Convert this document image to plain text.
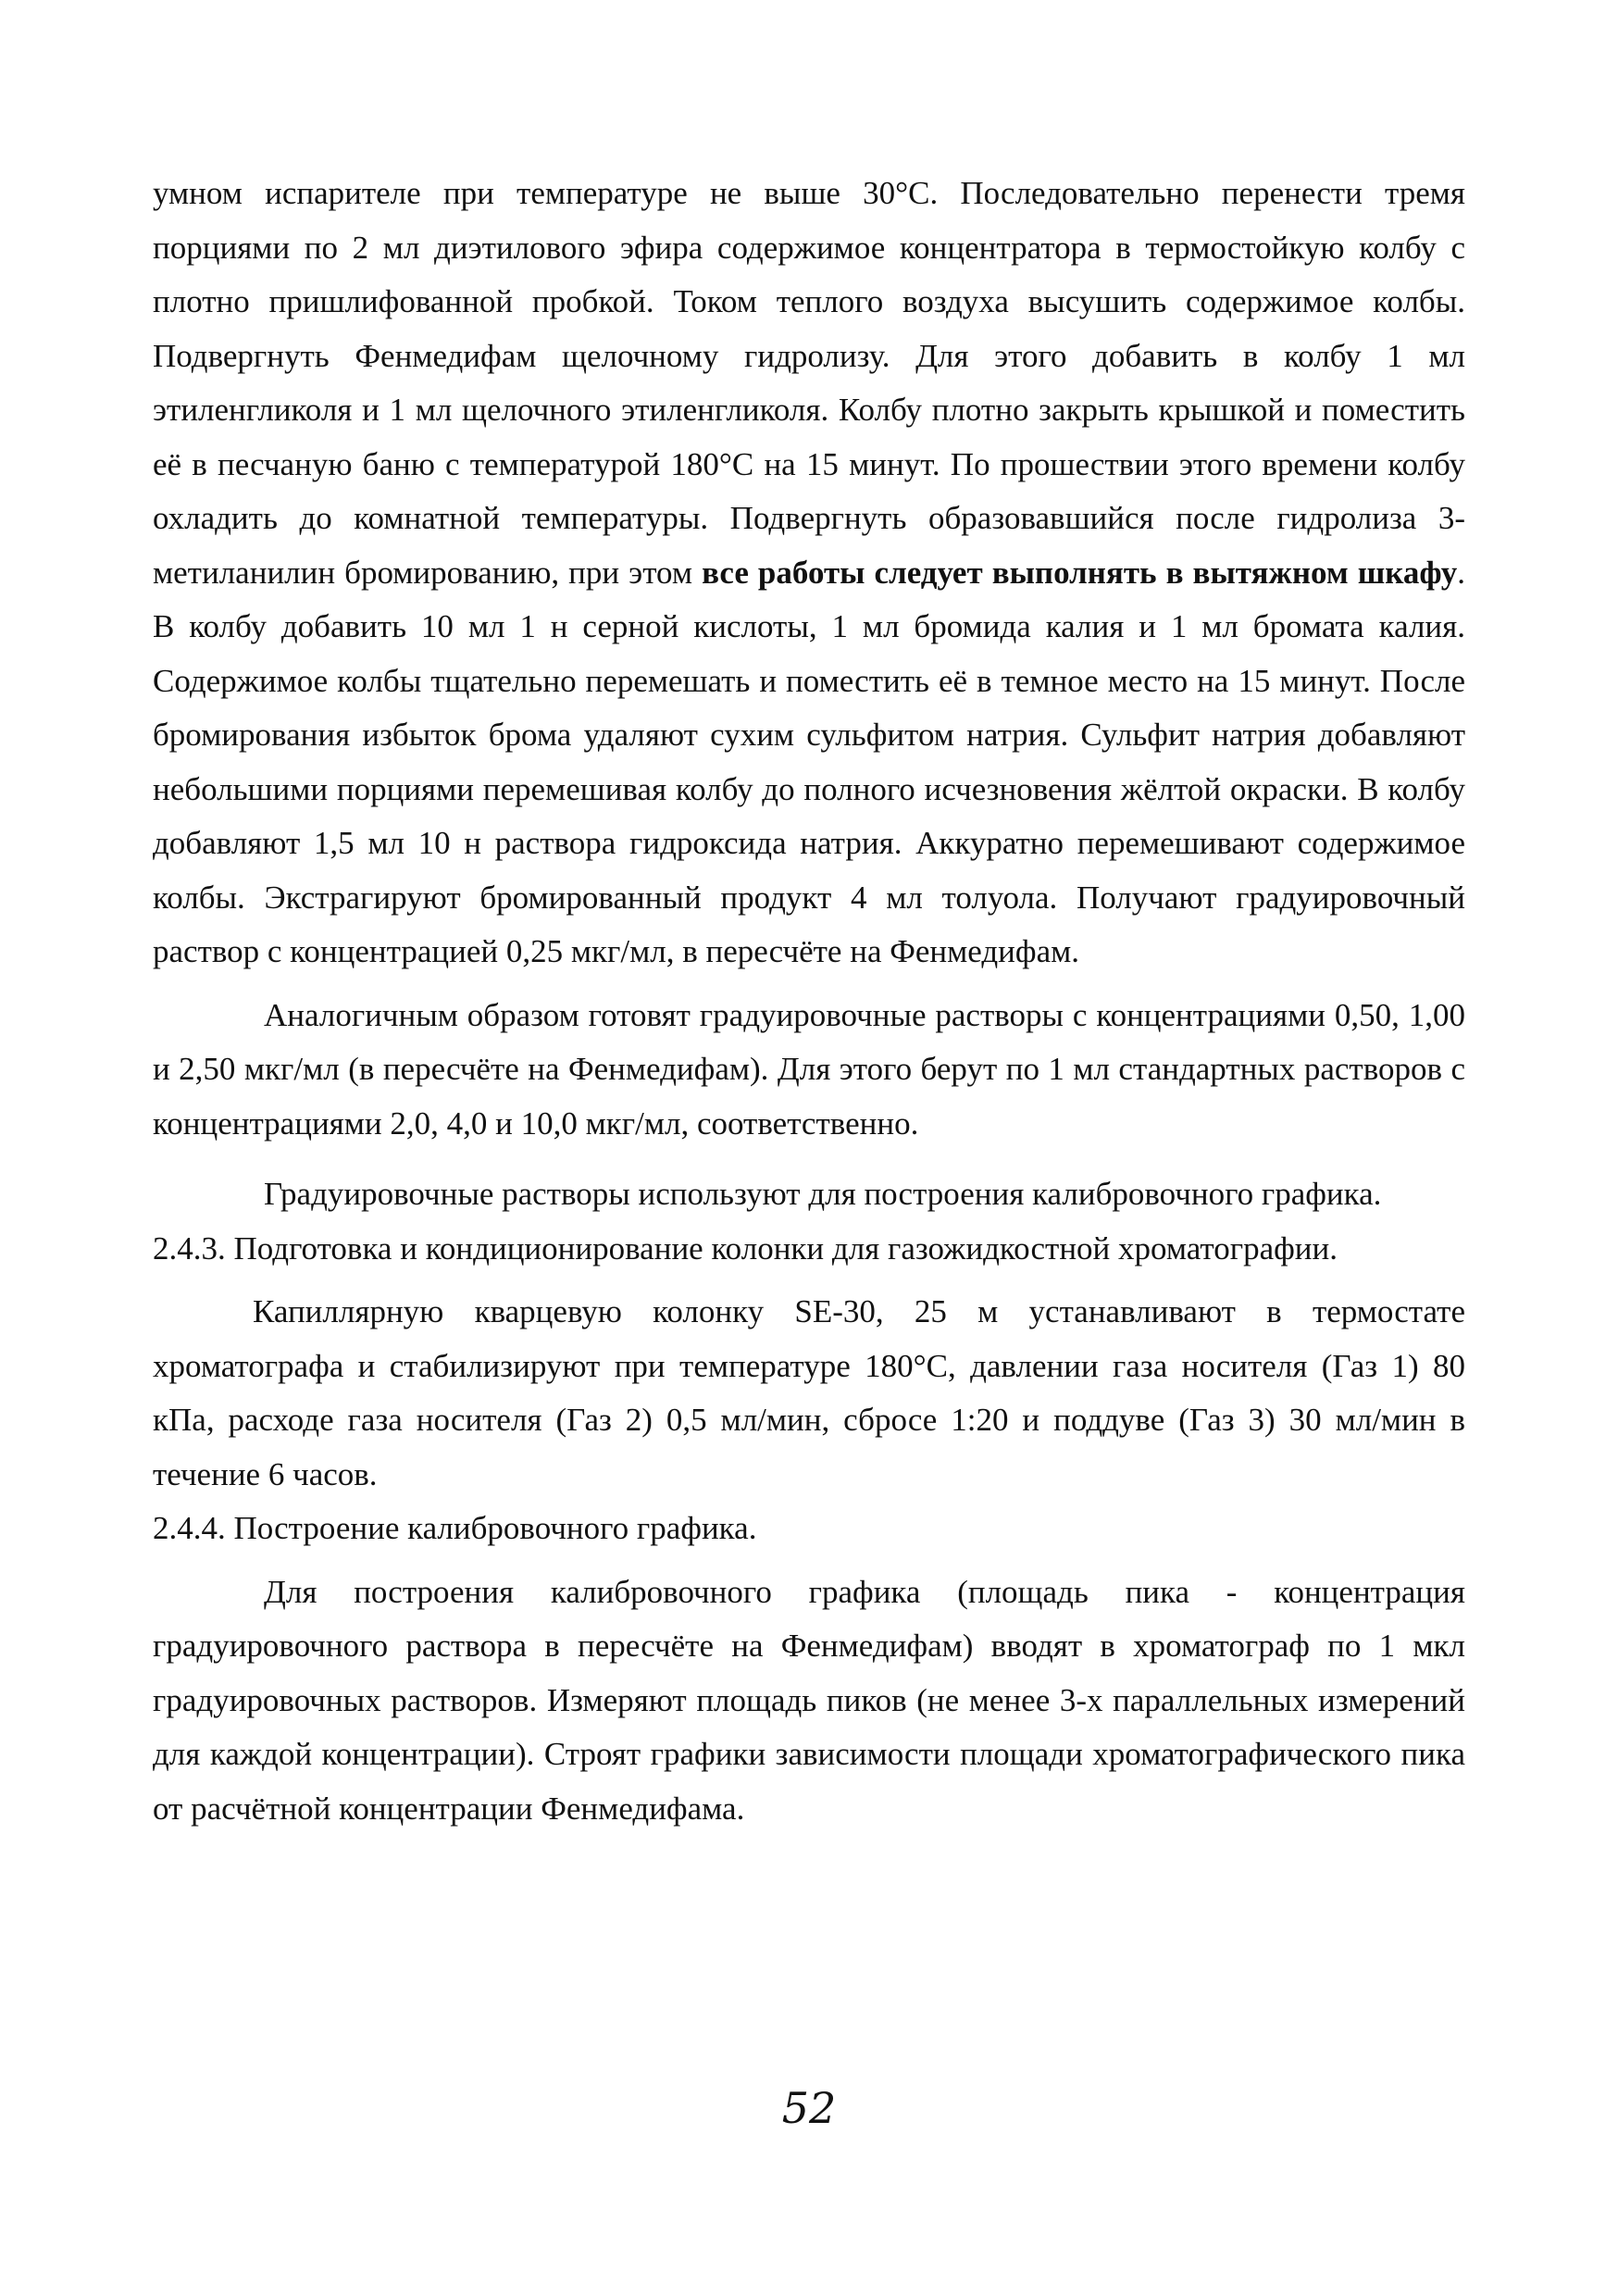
умном испарителе при температуре не выше 30°С. Последовательно перенести тремя порциями по 2 мл диэтилового эфира содержимое концентратора в термостойкую колбу с плотно пришлифованной пробкой. Током теплого воздуха высушить содержимое колбы. Подвергнуть Фенмедифам щелочному гидролизу. Для этого добавить в колбу 1 мл этиленгликоля и 1 мл щелочного этиленгликоля. Колбу плотно закрыть крышкой и поместить её в песчаную баню с температурой 180°С на 15 минут. По прошествии этого времени колбу охладить до комнатной температуры. Подвергнуть образовавшийся после гидролиза 3-метиланилин бромированию, при этом все работы следует выполнять в вытяжном шкафу. В колбу добавить 10 мл 1 н серной кислоты, 1 мл бромида калия и 1 мл бромата калия. Содержимое колбы тщательно перемешать и поместить её в темное место на 15 минут. После бромирования избыток брома удаляют сухим сульфитом натрия. Сульфит натрия добавляют небольшими порциями перемешивая колбу до полного исчезновения жёлтой окраски. В колбу добавляют 1,5 мл 10 н раствора гидроксида натрия. Аккуратно перемешивают содержимое колбы. Экстрагируют бромированный продукт 4 мл толуола. Получают градуировочный раствор с концентрацией 0,25 мкг/мл, в пересчёте на Фенмедифам.

Аналогичным образом готовят градуировочные растворы с концентрациями 0,50, 1,00 и 2,50 мкг/мл (в пересчёте на Фенмедифам). Для этого берут по 1 мл стандартных растворов с концентрациями 2,0, 4,0 и 10,0 мкг/мл, соответственно.

Градуировочные растворы используют для построения калибровочного графика.

2.4.3. Подготовка и кондиционирование колонки для газожидкостной хроматографии.

Капиллярную кварцевую колонку SE-30, 25 м устанавливают в термостате хроматографа и стабилизируют при температуре 180°С, давлении газа носителя (Газ 1) 80 кПа, расходе газа носителя (Газ 2) 0,5 мл/мин, сбросе 1:20 и поддуве (Газ 3) 30 мл/мин в течение 6 часов.

2.4.4. Построение калибровочного графика.

Для построения калибровочного графика (площадь пика - концентрация градуировочного раствора в пересчёте на Фенмедифам) вводят в хроматограф по 1 мкл градуировочных растворов. Измеряют площадь пиков (не менее 3-х параллельных измерений для каждой концентрации). Строят графики зависимости площади хроматографического пика от расчётной концентрации Фенмедифама.

52
